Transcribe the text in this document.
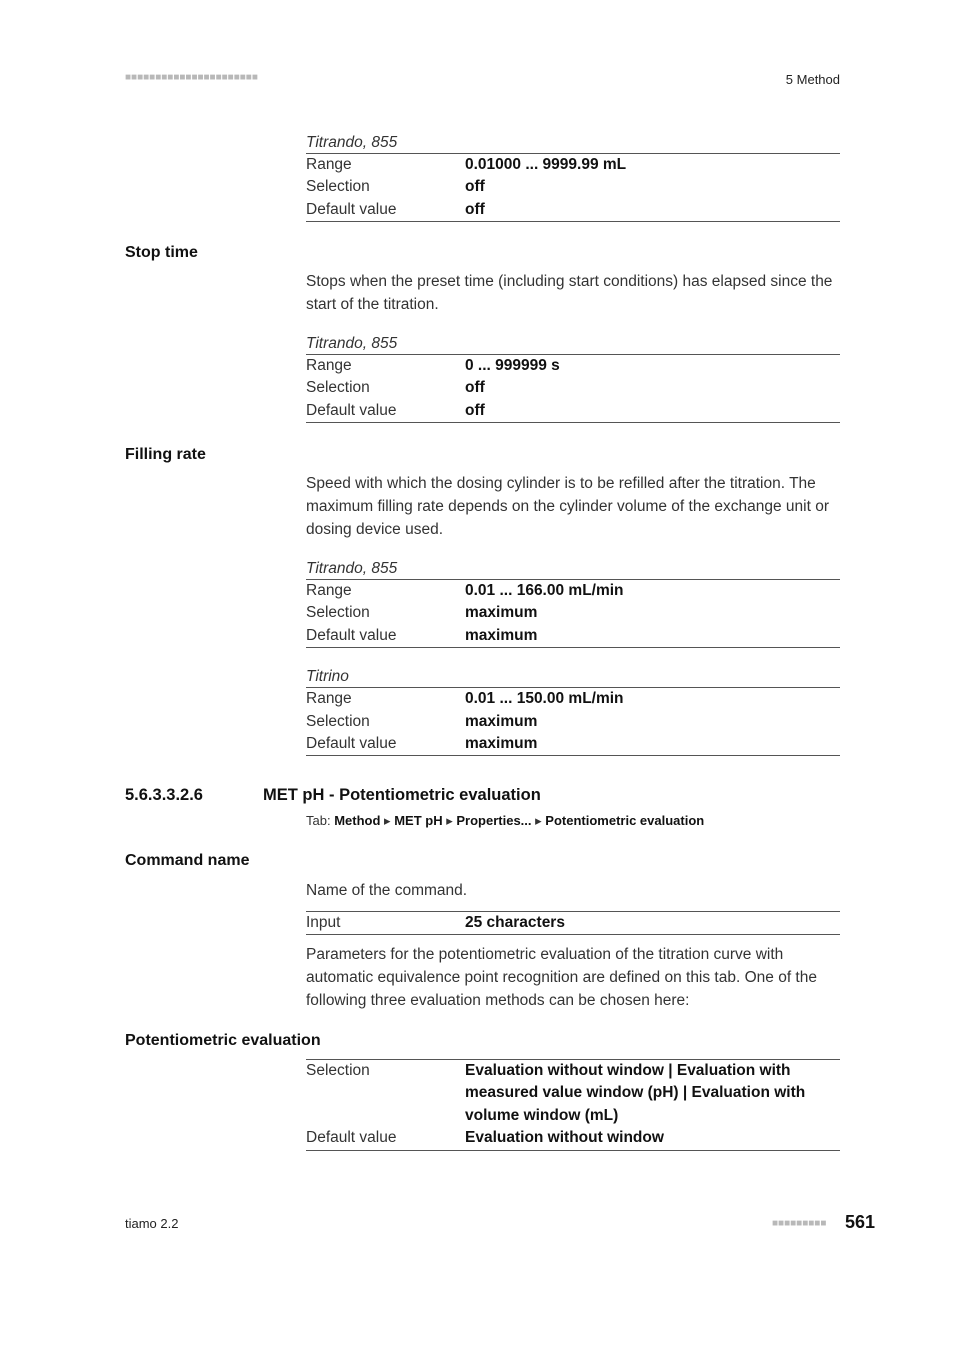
■■■■■■■■■■■■■■■■■■■■■■	5 Method
Titrando, 855
Range	0.01000 ... 9999.99 mL
Selection	off
Default value	off
Stop time
Stops when the preset time (including start conditions) has elapsed since the start of the titration.
Titrando, 855
Range	0 ... 999999 s
Selection	off
Default value	off
Filling rate
Speed with which the dosing cylinder is to be refilled after the titration. The maximum filling rate depends on the cylinder volume of the exchange unit or dosing device used.
Titrando, 855
Range	0.01 ... 166.00 mL/min
Selection	maximum
Default value	maximum
Titrino
Range	0.01 ... 150.00 mL/min
Selection	maximum
Default value	maximum
5.6.3.3.2.6	MET pH - Potentiometric evaluation
Tab: Method ▸ MET pH ▸ Properties... ▸ Potentiometric evaluation
Command name
Name of the command.
Input	25 characters
Parameters for the potentiometric evaluation of the titration curve with automatic equivalence point recognition are defined on this tab. One of the following three evaluation methods can be chosen here:
Potentiometric evaluation
Selection	Evaluation without window | Evaluation with measured value window (pH) | Evaluation with volume window (mL)
Default value	Evaluation without window
tiamo 2.2	■■■■■■■■■ 561
